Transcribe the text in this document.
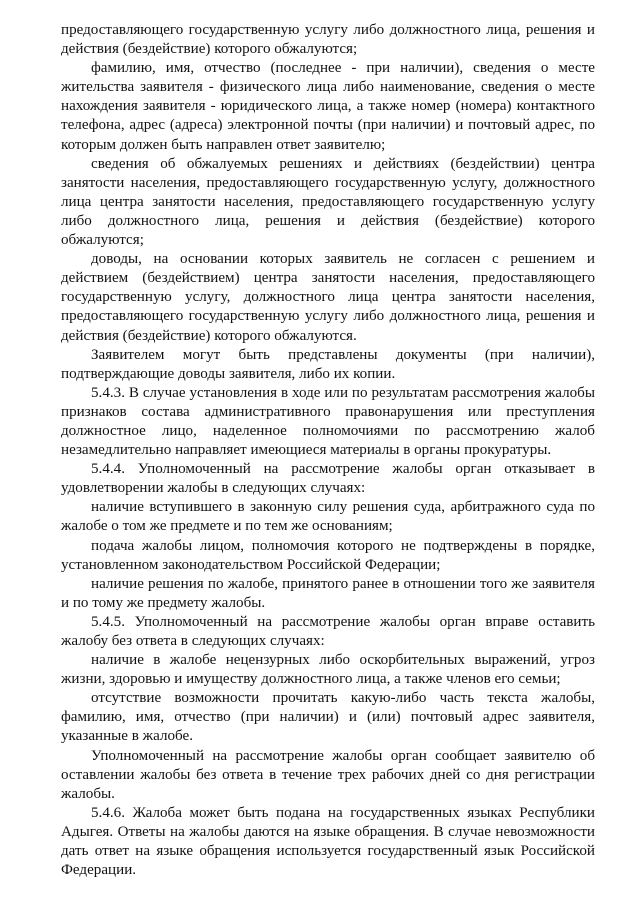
предоставляющего государственную услугу либо должностного лица, решения и действия (бездействие) которого обжалуются;

фамилию, имя, отчество (последнее - при наличии), сведения о месте жительства заявителя - физического лица либо наименование, сведения о месте нахождения заявителя - юридического лица, а также номер (номера) контактного телефона, адрес (адреса) электронной почты (при наличии) и почтовый адрес, по которым должен быть направлен ответ заявителю;

сведения об обжалуемых решениях и действиях (бездействии) центра занятости населения, предоставляющего государственную услугу, должностного лица центра занятости населения, предоставляющего государственную услугу либо должностного лица, решения и действия (бездействие) которого обжалуются;

доводы, на основании которых заявитель не согласен с решением и действием (бездействием) центра занятости населения, предоставляющего государственную услугу, должностного лица центра занятости населения, предоставляющего государственную услугу либо должностного лица, решения и действия (бездействие) которого обжалуются.

Заявителем могут быть представлены документы (при наличии), подтверждающие доводы заявителя, либо их копии.

5.4.3. В случае установления в ходе или по результатам рассмотрения жалобы признаков состава административного правонарушения или преступления должностное лицо, наделенное полномочиями по рассмотрению жалоб незамедлительно направляет имеющиеся материалы в органы прокуратуры.

5.4.4. Уполномоченный на рассмотрение жалобы орган отказывает в удовлетворении жалобы в следующих случаях:

наличие вступившего в законную силу решения суда, арбитражного суда по жалобе о том же предмете и по тем же основаниям;

подача жалобы лицом, полномочия которого не подтверждены в порядке, установленном законодательством Российской Федерации;

наличие решения по жалобе, принятого ранее в отношении того же заявителя и по тому же предмету жалобы.

5.4.5. Уполномоченный на рассмотрение жалобы орган вправе оставить жалобу без ответа в следующих случаях:

наличие в жалобе нецензурных либо оскорбительных выражений, угроз жизни, здоровью и имуществу должностного лица, а также членов его семьи;

отсутствие возможности прочитать какую-либо часть текста жалобы, фамилию, имя, отчество (при наличии) и (или) почтовый адрес заявителя, указанные в жалобе.

Уполномоченный на рассмотрение жалобы орган сообщает заявителю об оставлении жалобы без ответа в течение трех рабочих дней со дня регистрации жалобы.

5.4.6. Жалоба может быть подана на государственных языках Республики Адыгея. Ответы на жалобы даются на языке обращения. В случае невозможности дать ответ на языке обращения используется государственный язык Российской Федерации.
